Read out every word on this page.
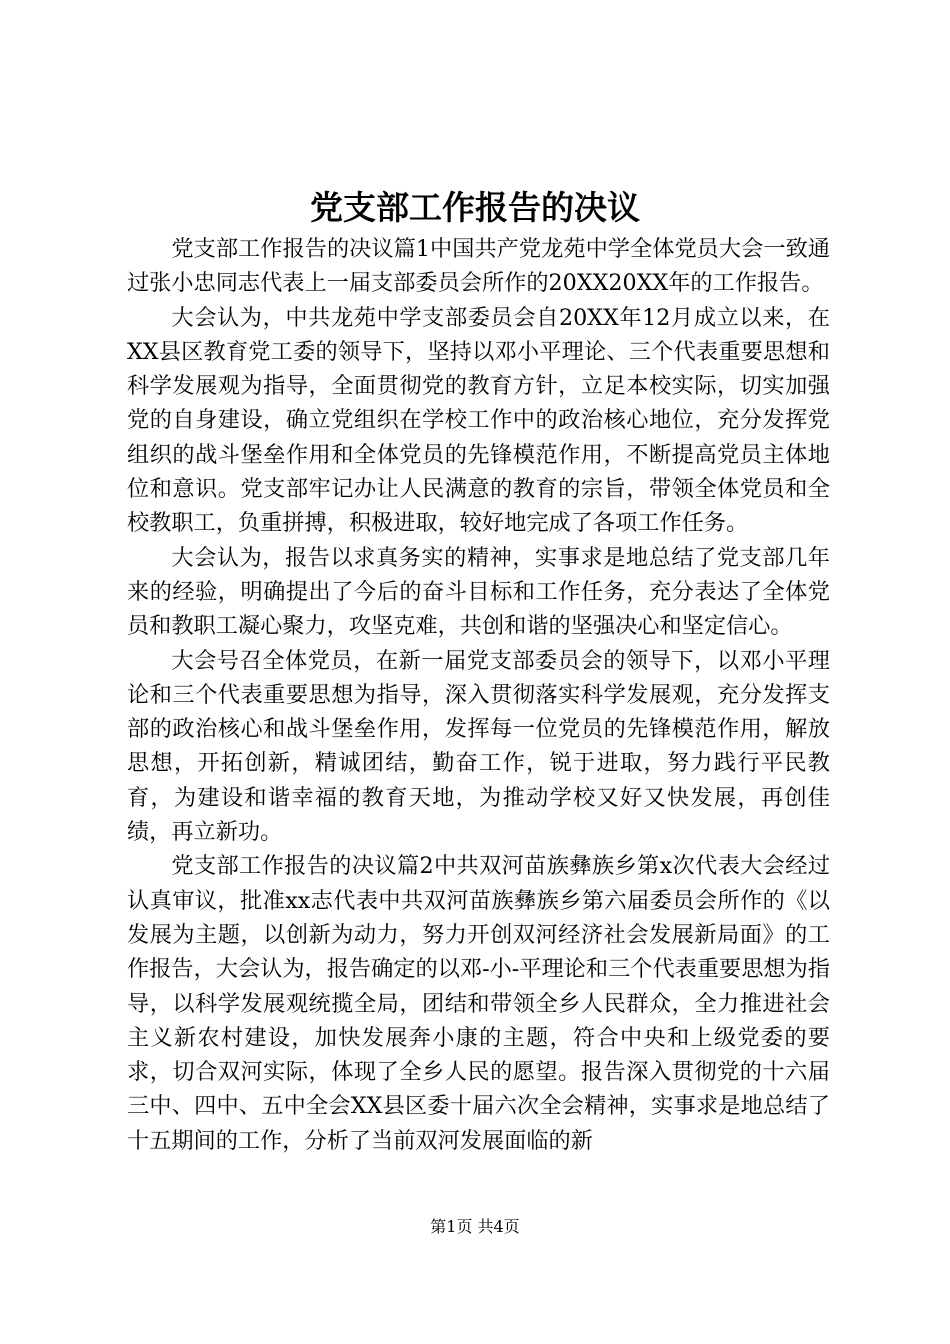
党支部工作报告的决议

党支部工作报告的决议篇1中国共产党龙苑中学全体党员大会一致通过张小忠同志代表上一届支部委员会所作的20XX20XX年的工作报告。

大会认为，中共龙苑中学支部委员会自20XX年12月成立以来，在XX县区教育党工委的领导下，坚持以邓小平理论、三个代表重要思想和科学发展观为指导，全面贯彻党的教育方针，立足本校实际，切实加强党的自身建设，确立党组织在学校工作中的政治核心地位，充分发挥党组织的战斗堡垒作用和全体党员的先锋模范作用，不断提高党员主体地位和意识。党支部牢记办让人民满意的教育的宗旨，带领全体党员和全校教职工，负重拼搏，积极进取，较好地完成了各项工作任务。

大会认为，报告以求真务实的精神，实事求是地总结了党支部几年来的经验，明确提出了今后的奋斗目标和工作任务，充分表达了全体党员和教职工凝心聚力，攻坚克难，共创和谐的坚强决心和坚定信心。

大会号召全体党员，在新一届党支部委员会的领导下，以邓小平理论和三个代表重要思想为指导，深入贯彻落实科学发展观，充分发挥支部的政治核心和战斗堡垒作用，发挥每一位党员的先锋模范作用，解放思想，开拓创新，精诚团结，勤奋工作，锐于进取，努力践行平民教育，为建设和谐幸福的教育天地，为推动学校又好又快发展，再创佳绩，再立新功。

党支部工作报告的决议篇2中共双河苗族彝族乡第x次代表大会经过认真审议，批准xx志代表中共双河苗族彝族乡第六届委员会所作的《以发展为主题，以创新为动力，努力开创双河经济社会发展新局面》的工作报告，大会认为，报告确定的以邓-小-平理论和三个代表重要思想为指导，以科学发展观统揽全局，团结和带领全乡人民群众，全力推进社会主义新农村建设，加快发展奔小康的主题，符合中央和上级党委的要求，切合双河实际，体现了全乡人民的愿望。报告深入贯彻党的十六届三中、四中、五中全会XX县区委十届六次全会精神，实事求是地总结了十五期间的工作，分析了当前双河发展面临的新

第1页 共4页
